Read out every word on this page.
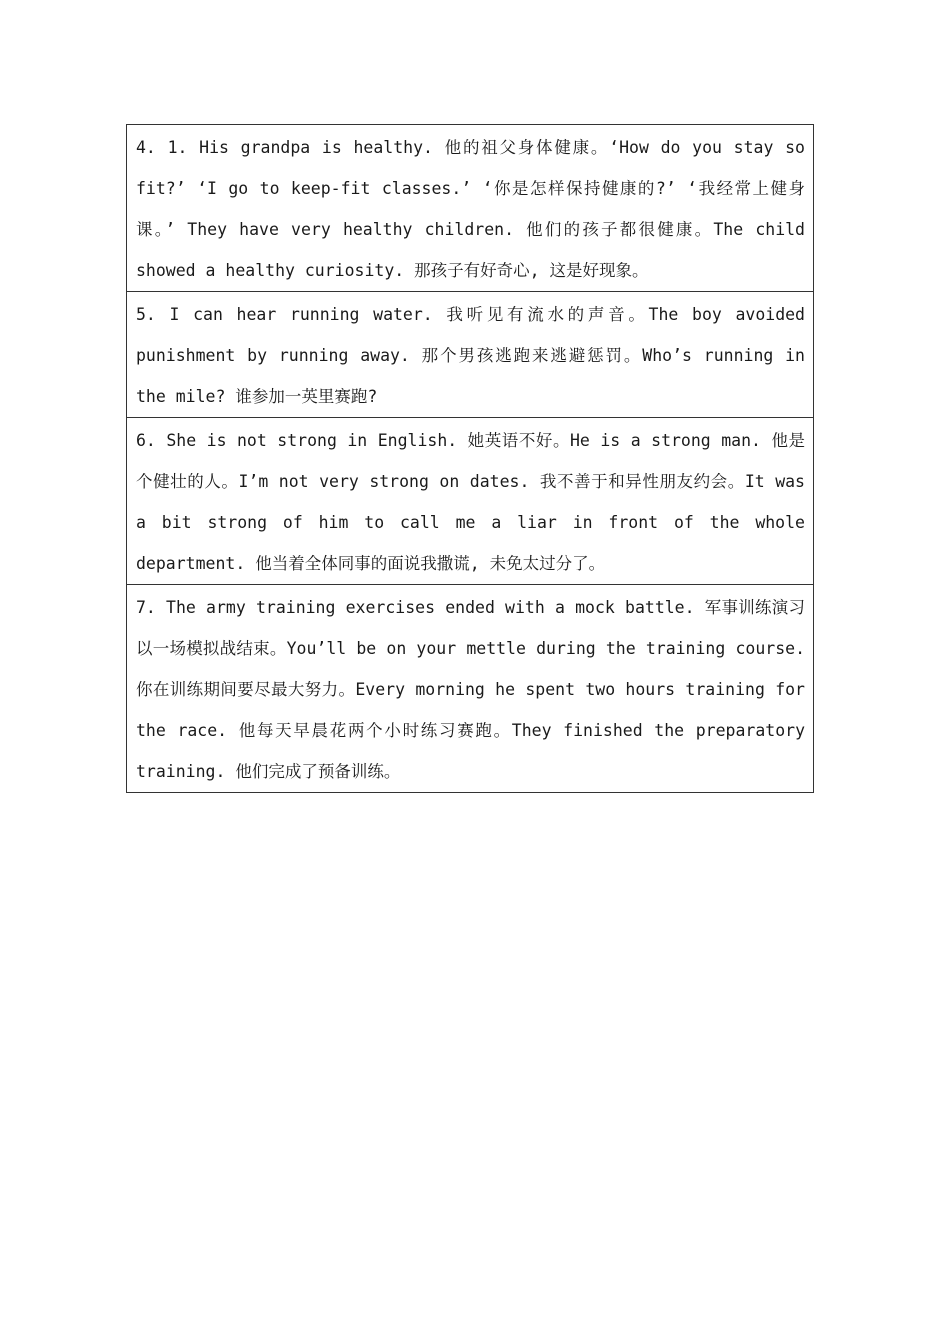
4. 1. His grandpa is healthy. 他的祖父身体健康。‘How do you stay so fit?’ ‘I go to keep-fit classes.’ ‘你是怎样保持健康的?’ ‘我经常上健身课。’ They have very healthy children. 他们的孩子都很健康。The child showed a healthy curiosity. 那孩子有好奇心, 这是好现象。
5. I can hear running water. 我听见有流水的声音。The boy avoided punishment by running away. 那个男孩逃跑来逃避惩罚。Who’s running in the mile? 谁参加一英里赛跑?
6. She is not strong in English. 她英语不好。He is a strong man. 他是个健壮的人。I’m not very strong on dates. 我不善于和异性朋友约会。It was a bit strong of him to call me a liar in front of the whole department. 他当着全体同事的面说我撒谎, 未免太过分了。
7. The army training exercises ended with a mock battle. 军事训练演习以一场模拟战结束。You’ll be on your mettle during the training course. 你在训练期间要尽最大努力。Every morning he spent two hours training for the race. 他每天早晨花两个小时练习赛跑。They finished the preparatory training. 他们完成了预备训练。
